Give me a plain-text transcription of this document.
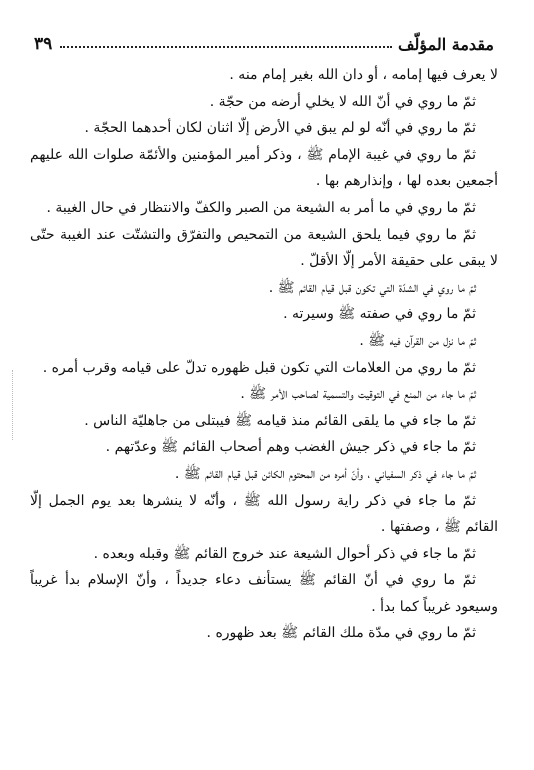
مقدمة المؤلّف
٣٩
لا يعرف فيها إمامه ، أو دان الله بغير إمام منه .
ثمّ ما روي في أنّ الله لا يخلي أرضه من حجّة .
ثمّ ما روي في أنّه لو لم يبق في الأرض إلّا اثنان لكان أحدهما الحجّة .
ثمّ ما روي في غيبة الإمام ﷺ ، وذكر أمير المؤمنين والأئمّة صلوات الله عليهم
أجمعين بعده لها ، وإنذارهم بها .
ثمّ ما روي في ما أمر به الشيعة من الصبر والكفّ والانتظار في حال الغيبة .
ثمّ ما روي فيما يلحق الشيعة من التمحيص والتفرّق والتشتّت عند الغيبة حتّى
لا يبقى على حقيقة الأمر إلّا الأقلّ .
ثمّ ما روي في الشدّة التي تكون قبل قيام القائم ﷺ .
ثمّ ما روي في صفته ﷺ وسيرته .
ثمّ ما نزل من القرآن فيه ﷺ .
ثمّ ما روي من العلامات التي تكون قبل ظهوره تدلّ على قيامه وقرب أمره .
ثمّ ما جاء من المنع في التوقيت والتسمية لصاحب الأمر ﷺ .
ثمّ ما جاء في ما يلقى القائم منذ قيامه ﷺ فيبتلى من جاهليّة الناس .
ثمّ ما جاء في ذكر جيش الغضب وهم أصحاب القائم ﷺ وعدّتهم .
ثمّ ما جاء في ذكر السفياني ، وأنّ أمره من المحتوم الكائن قبل قيام القائم ﷺ .
ثمّ ما جاء في ذكر راية رسول الله ﷺ ، وأنّه لا ينشرها بعد يوم الجمل إلّا
القائم ﷺ ، وصفتها .
ثمّ ما جاء في ذكر أحوال الشيعة عند خروج القائم ﷺ وقبله وبعده .
ثمّ ما روي في أنّ القائم ﷺ يستأنف دعاء جديداً ، وأنّ الإسلام بدأ غريباً
وسيعود غريباً كما بدأ .
ثمّ ما روي في مدّة ملك القائم ﷺ بعد ظهوره .
